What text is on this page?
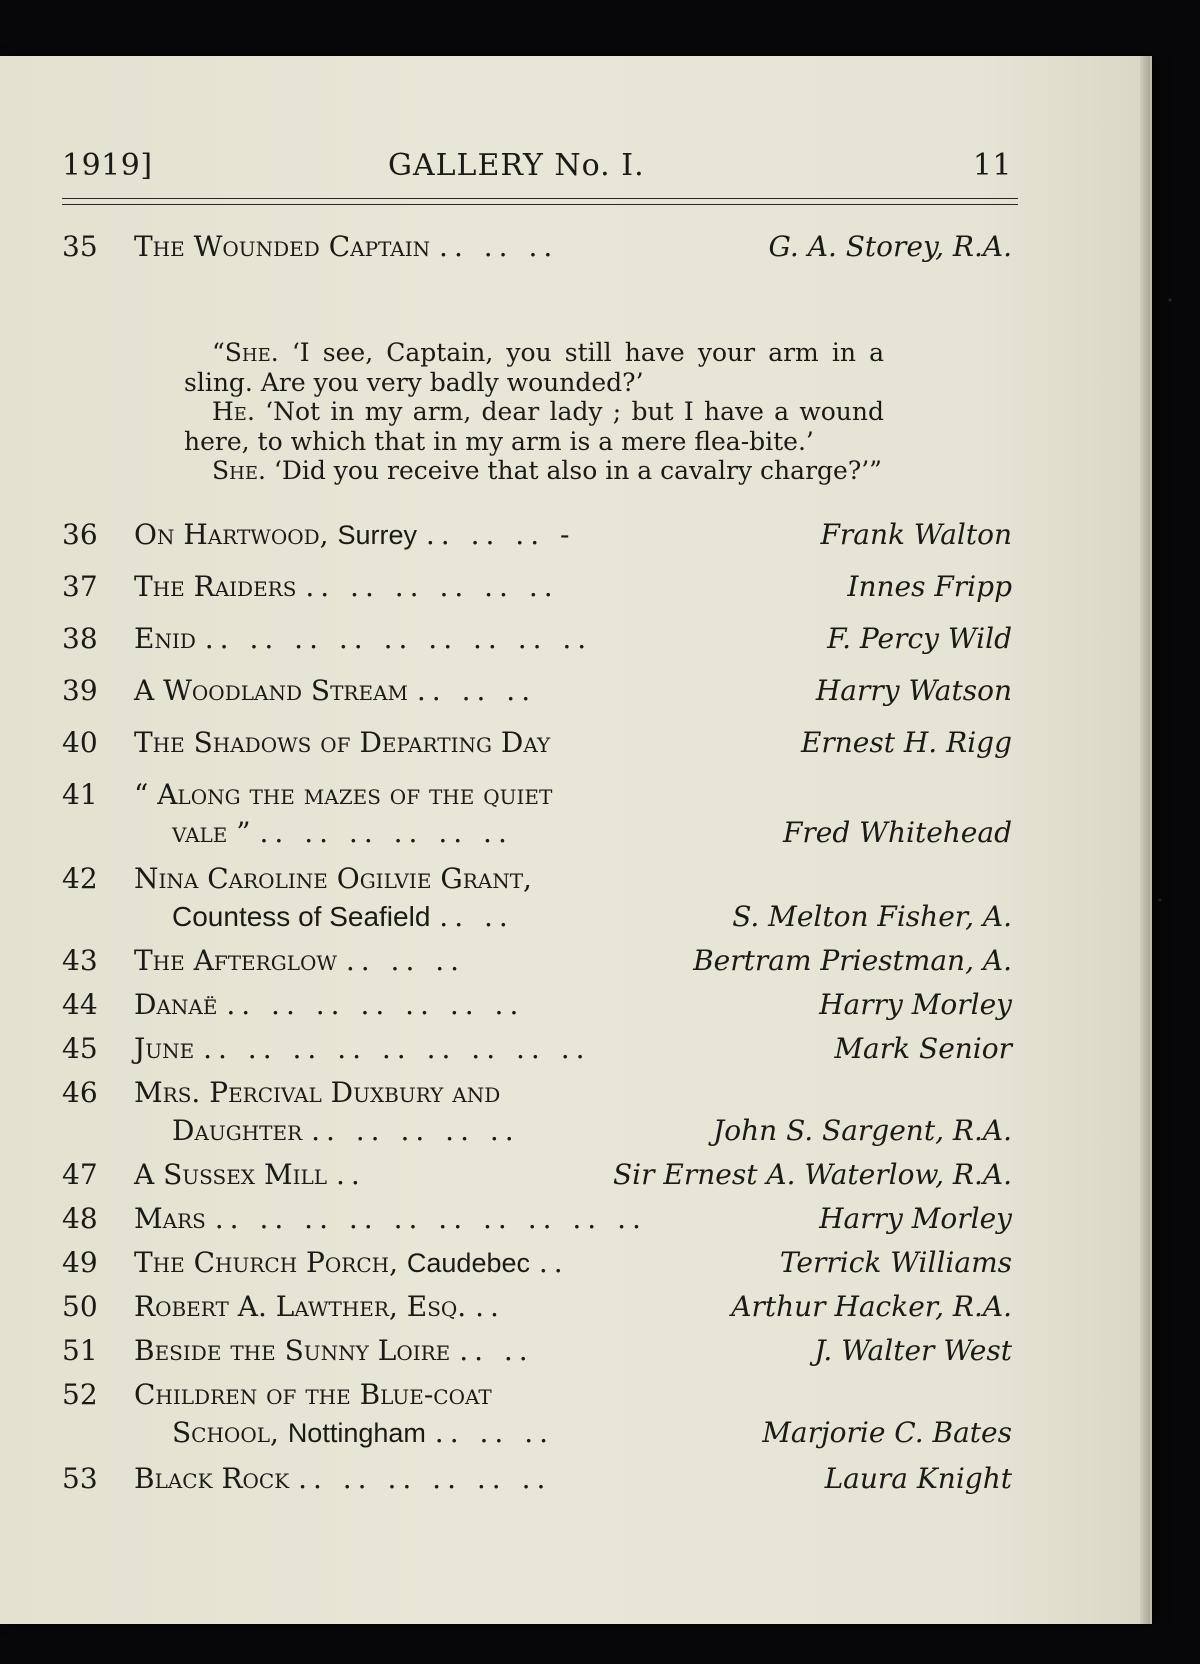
1919]	GALLERY No. I.	11
35	The Wounded Captain .. .. ..	G. A. Storey, R.A.

“She. ‘I see, Captain, you still have your arm in a sling. Are you very badly wounded?’

He. ‘Not in my arm, dear lady ; but I have a wound here, to which that in my arm is a mere flea-bite.’

She. ‘Did you receive that also in a cavalry charge?’”

36	On Hartwood, Surrey .. .. .. -	Frank Walton
37	The Raiders .. .. .. .. .. ..	Innes Fripp
38	Enid .. .. .. .. .. .. .. .. ..	F. Percy Wild
39	A Woodland Stream .. .. ..	Harry Watson
40	The Shadows of Departing Day	Ernest H. Rigg
41	“ Along the mazes of the quiet
vale ” .. .. .. .. .. ..	Fred Whitehead
42	Nina Caroline Ogilvie Grant,
Countess of Seafield .. ..	S. Melton Fisher, A.
43	The Afterglow .. .. ..	Bertram Priestman, A.
44	Danaë .. .. .. .. .. .. ..	Harry Morley
45	June .. .. .. .. .. .. .. .. ..	Mark Senior
46	Mrs. Percival Duxbury and
Daughter .. .. .. .. ..	John S. Sargent, R.A.
47	A Sussex Mill ..	Sir Ernest A. Waterlow, R.A.
48	Mars .. .. .. .. .. .. .. .. .. ..	Harry Morley
49	The Church Porch, Caudebec ..	Terrick Williams
50	Robert A. Lawther, Esq. ..	Arthur Hacker, R.A.
51	Beside the Sunny Loire .. ..	J. Walter West
52	Children of the Blue-coat
School, Nottingham .. .. ..	Marjorie C. Bates
53	Black Rock .. .. .. .. .. ..	Laura Knight
